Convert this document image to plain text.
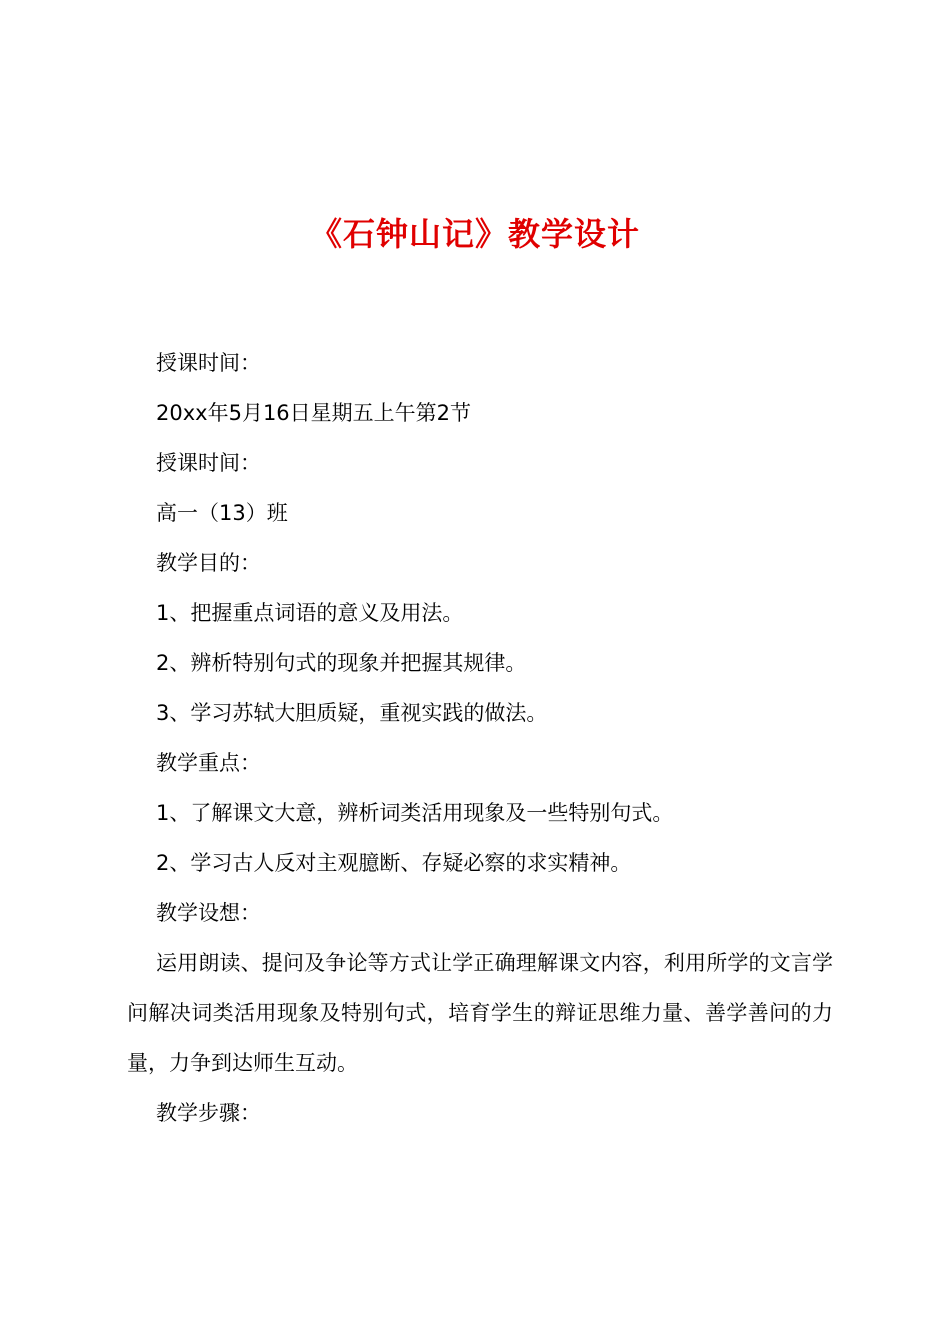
《石钟山记》教学设计

授课时间：

20xx年5月16日星期五上午第2节

授课时间：

高一（13）班

教学目的：

1、把握重点词语的意义及用法。

2、辨析特别句式的现象并把握其规律。

3、学习苏轼大胆质疑，重视实践的做法。

教学重点：

1、了解课文大意，辨析词类活用现象及一些特别句式。

2、学习古人反对主观臆断、存疑必察的求实精神。

教学设想：

运用朗读、提问及争论等方式让学正确理解课文内容，利用所学的文言学问解决词类活用现象及特别句式，培育学生的辩证思维力量、善学善问的力量，力争到达师生互动。

教学步骤：
